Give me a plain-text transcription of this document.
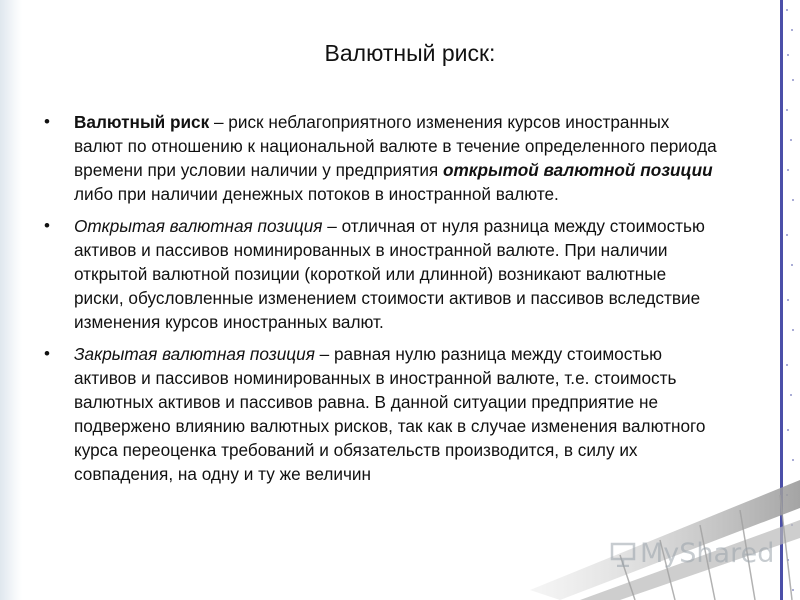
Валютный риск:
• Валютный риск – риск неблагоприятного изменения курсов иностранных валют по отношению к национальной валюте в течение определенного периода времени при условии наличии у предприятия открытой валютной позиции либо при наличии денежных потоков в иностранной валюте.
• Открытая валютная позиция – отличная от нуля разница между стоимостью активов и пассивов номинированных в иностранной валюте. При наличии открытой валютной позиции (короткой или длинной) возникают валютные риски, обусловленные изменением стоимости активов и пассивов вследствие изменения курсов иностранных валют.
• Закрытая валютная позиция – равная нулю разница между стоимостью активов и пассивов номинированных в иностранной валюте, т.е. стоимость валютных активов и пассивов равна. В данной ситуации предприятие не подвержено влиянию валютных рисков, так как в случае изменения валютного курса переоценка требований и обязательств производится, в силу их совпадения, на одну и ту же величин
MyShared
